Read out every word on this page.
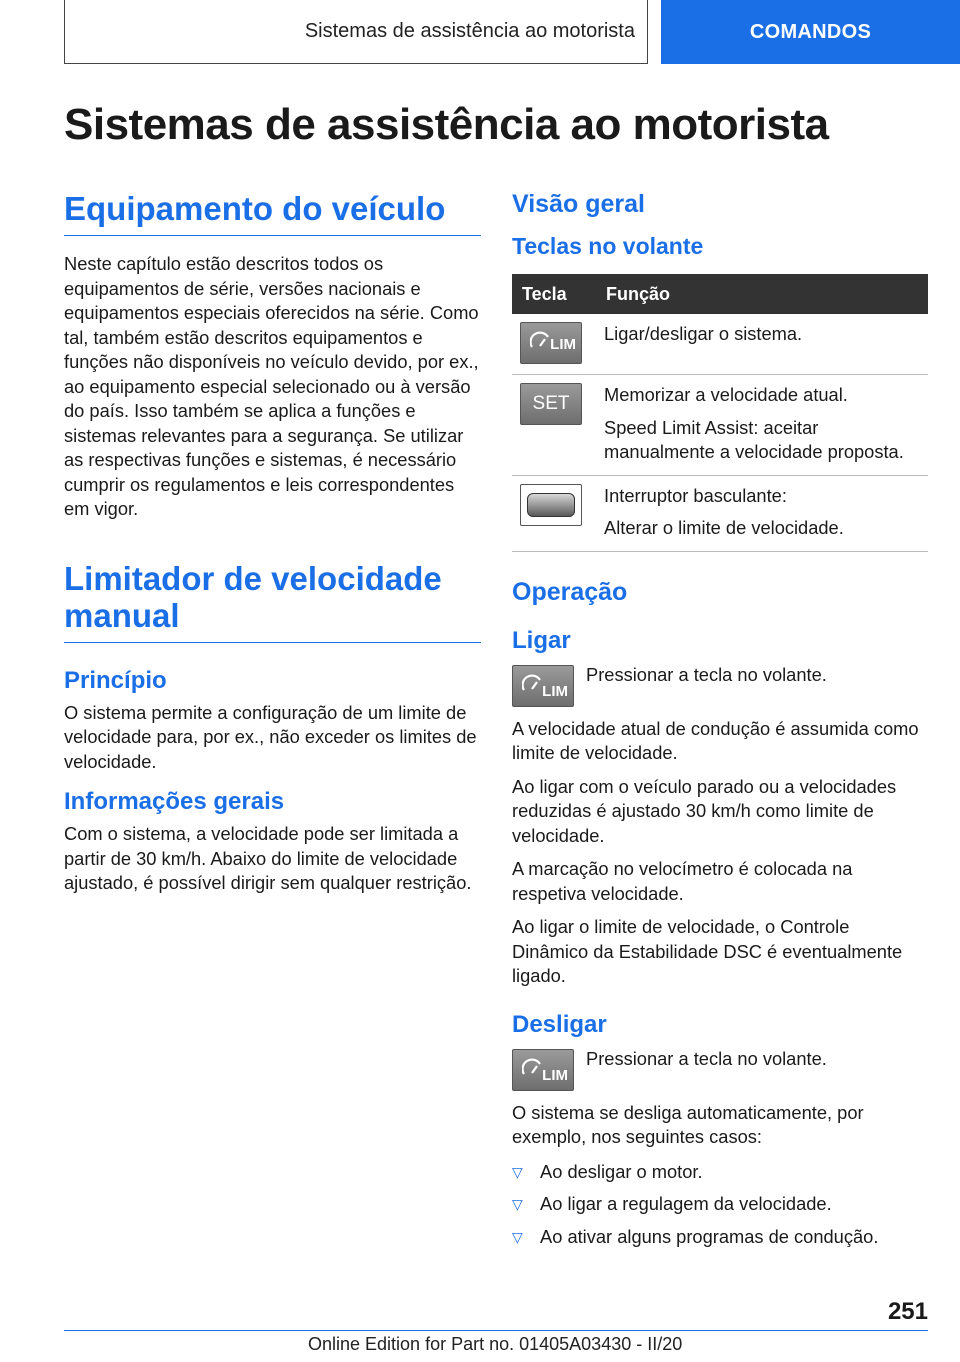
Sistemas de assistência ao motorista	COMANDOS
Sistemas de assistência ao motorista
Equipamento do veículo

Neste capítulo estão descritos todos os equipamentos de série, versões nacionais e equipamentos especiais oferecidos na série. Como tal, também estão descritos equipamentos e funções não disponíveis no veículo devido, por ex., ao equipamento especial selecionado ou à versão do país. Isso também se aplica a funções e sistemas relevantes para a segurança. Se utilizar as respectivas funções e sistemas, é necessário cumprir os regulamentos e leis correspondentes em vigor.

Limitador de velocidade manual
Princípio

O sistema permite a configuração de um limite de velocidade para, por ex., não exceder os limites de velocidade.

Informações gerais

Com o sistema, a velocidade pode ser limitada a partir de 30 km/h. Abaixo do limite de velocidade ajustado, é possível dirigir sem qualquer restrição.

Visão geral
Teclas no volante
Tecla	Função

LIM	Ligar/desligar o sistema.

SET	Memorizar a velocidade atual.

Speed Limit Assist: aceitar manualmente a velocidade proposta.

	Interruptor basculante:

Alterar o limite de velocidade.

Operação
Ligar
LIM

Pressionar a tecla no volante.

A velocidade atual de condução é assumida como limite de velocidade.

Ao ligar com o veículo parado ou a velocidades reduzidas é ajustado 30 km/h como limite de velocidade.

A marcação no velocímetro é colocada na respetiva velocidade.

Ao ligar o limite de velocidade, o Controle Dinâmico da Estabilidade DSC é eventualmente ligado.

Desligar
LIM

Pressionar a tecla no volante.

O sistema se desliga automaticamente, por exemplo, nos seguintes casos:

▽ Ao desligar o motor.
▽ Ao ligar a regulagem da velocidade.
▽ Ao ativar alguns programas de condução.
251
Online Edition for Part no. 01405A03430 - II/20
